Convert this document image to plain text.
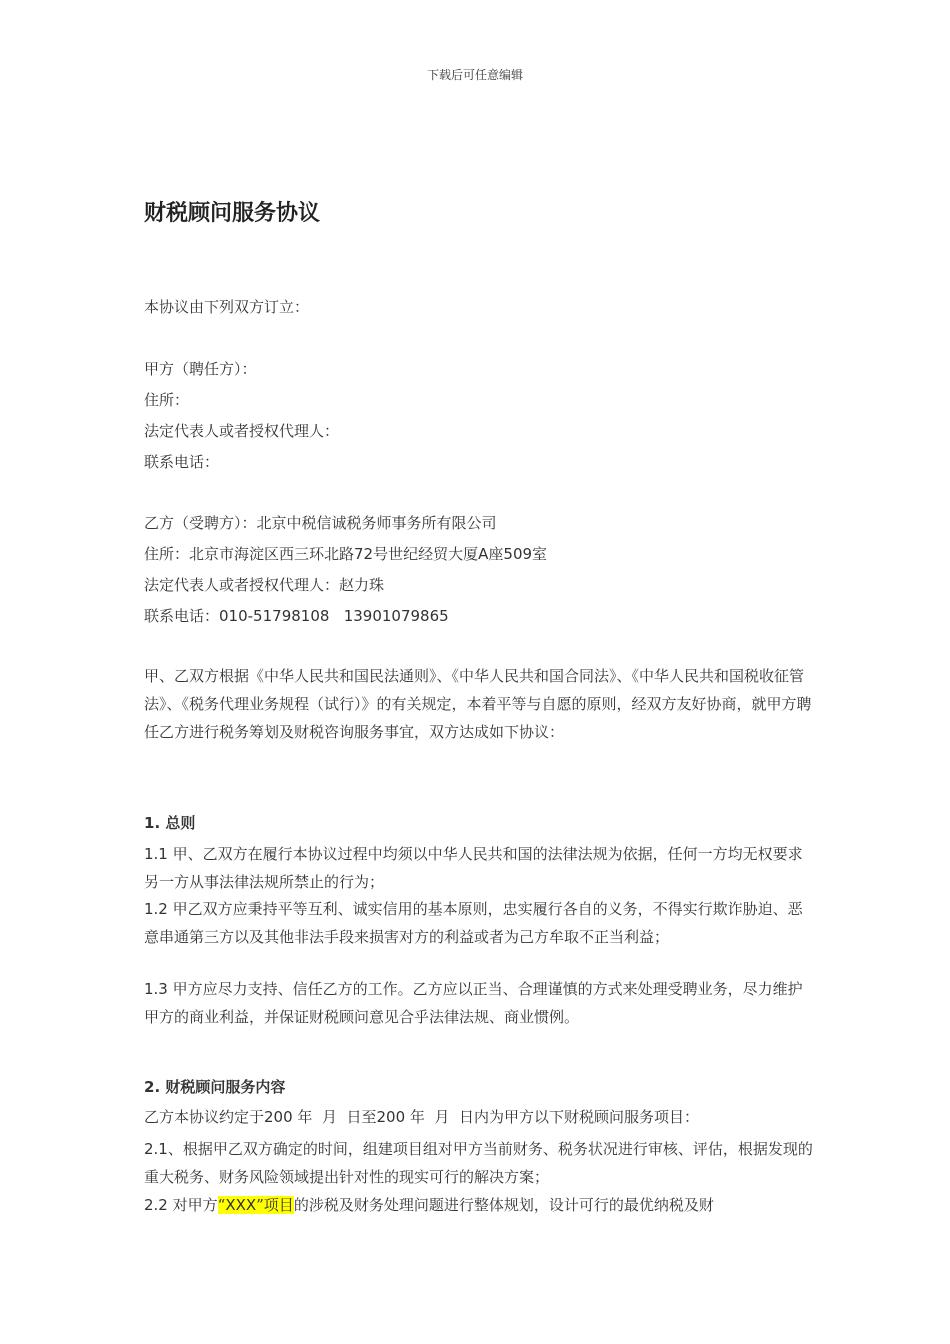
下载后可任意编辑
财税顾问服务协议
本协议由下列双方订立：
甲方（聘任方）：
住所：
法定代表人或者授权代理人：
联系电话：
乙方（受聘方）：北京中税信诚税务师事务所有限公司
住所：北京市海淀区西三环北路72号世纪经贸大厦A座509室
法定代表人或者授权代理人：赵力珠
联系电话：010-51798108   13901079865

甲、乙双方根据《中华人民共和国民法通则》、《中华人民共和国合同法》、《中华人民共和国税收征管法》、《税务代理业务规程（试行）》的有关规定，本着平等与自愿的原则，经双方友好协商，就甲方聘任乙方进行税务筹划及财税咨询服务事宜，双方达成如下协议：

1. 总则

1.1 甲、乙双方在履行本协议过程中均须以中华人民共和国的法律法规为依据，任何一方均无权要求另一方从事法律法规所禁止的行为；

1.2 甲乙双方应秉持平等互利、诚实信用的基本原则，忠实履行各自的义务，不得实行欺诈胁迫、恶意串通第三方以及其他非法手段来损害对方的利益或者为己方牟取不正当利益；

1.3 甲方应尽力支持、信任乙方的工作。乙方应以正当、合理谨慎的方式来处理受聘业务，尽力维护甲方的商业利益，并保证财税顾问意见合乎法律法规、商业惯例。

2. 财税顾问服务内容
乙方本协议约定于200 年  月  日至200 年  月  日内为甲方以下财税顾问服务项目：

2.1、根据甲乙双方确定的时间，组建项目组对甲方当前财务、税务状况进行审核、评估，根据发现的重大税务、财务风险领域提出针对性的现实可行的解决方案；

2.2 对甲方“XXX”项目的涉税及财务处理问题进行整体规划，设计可行的最优纳税及财
